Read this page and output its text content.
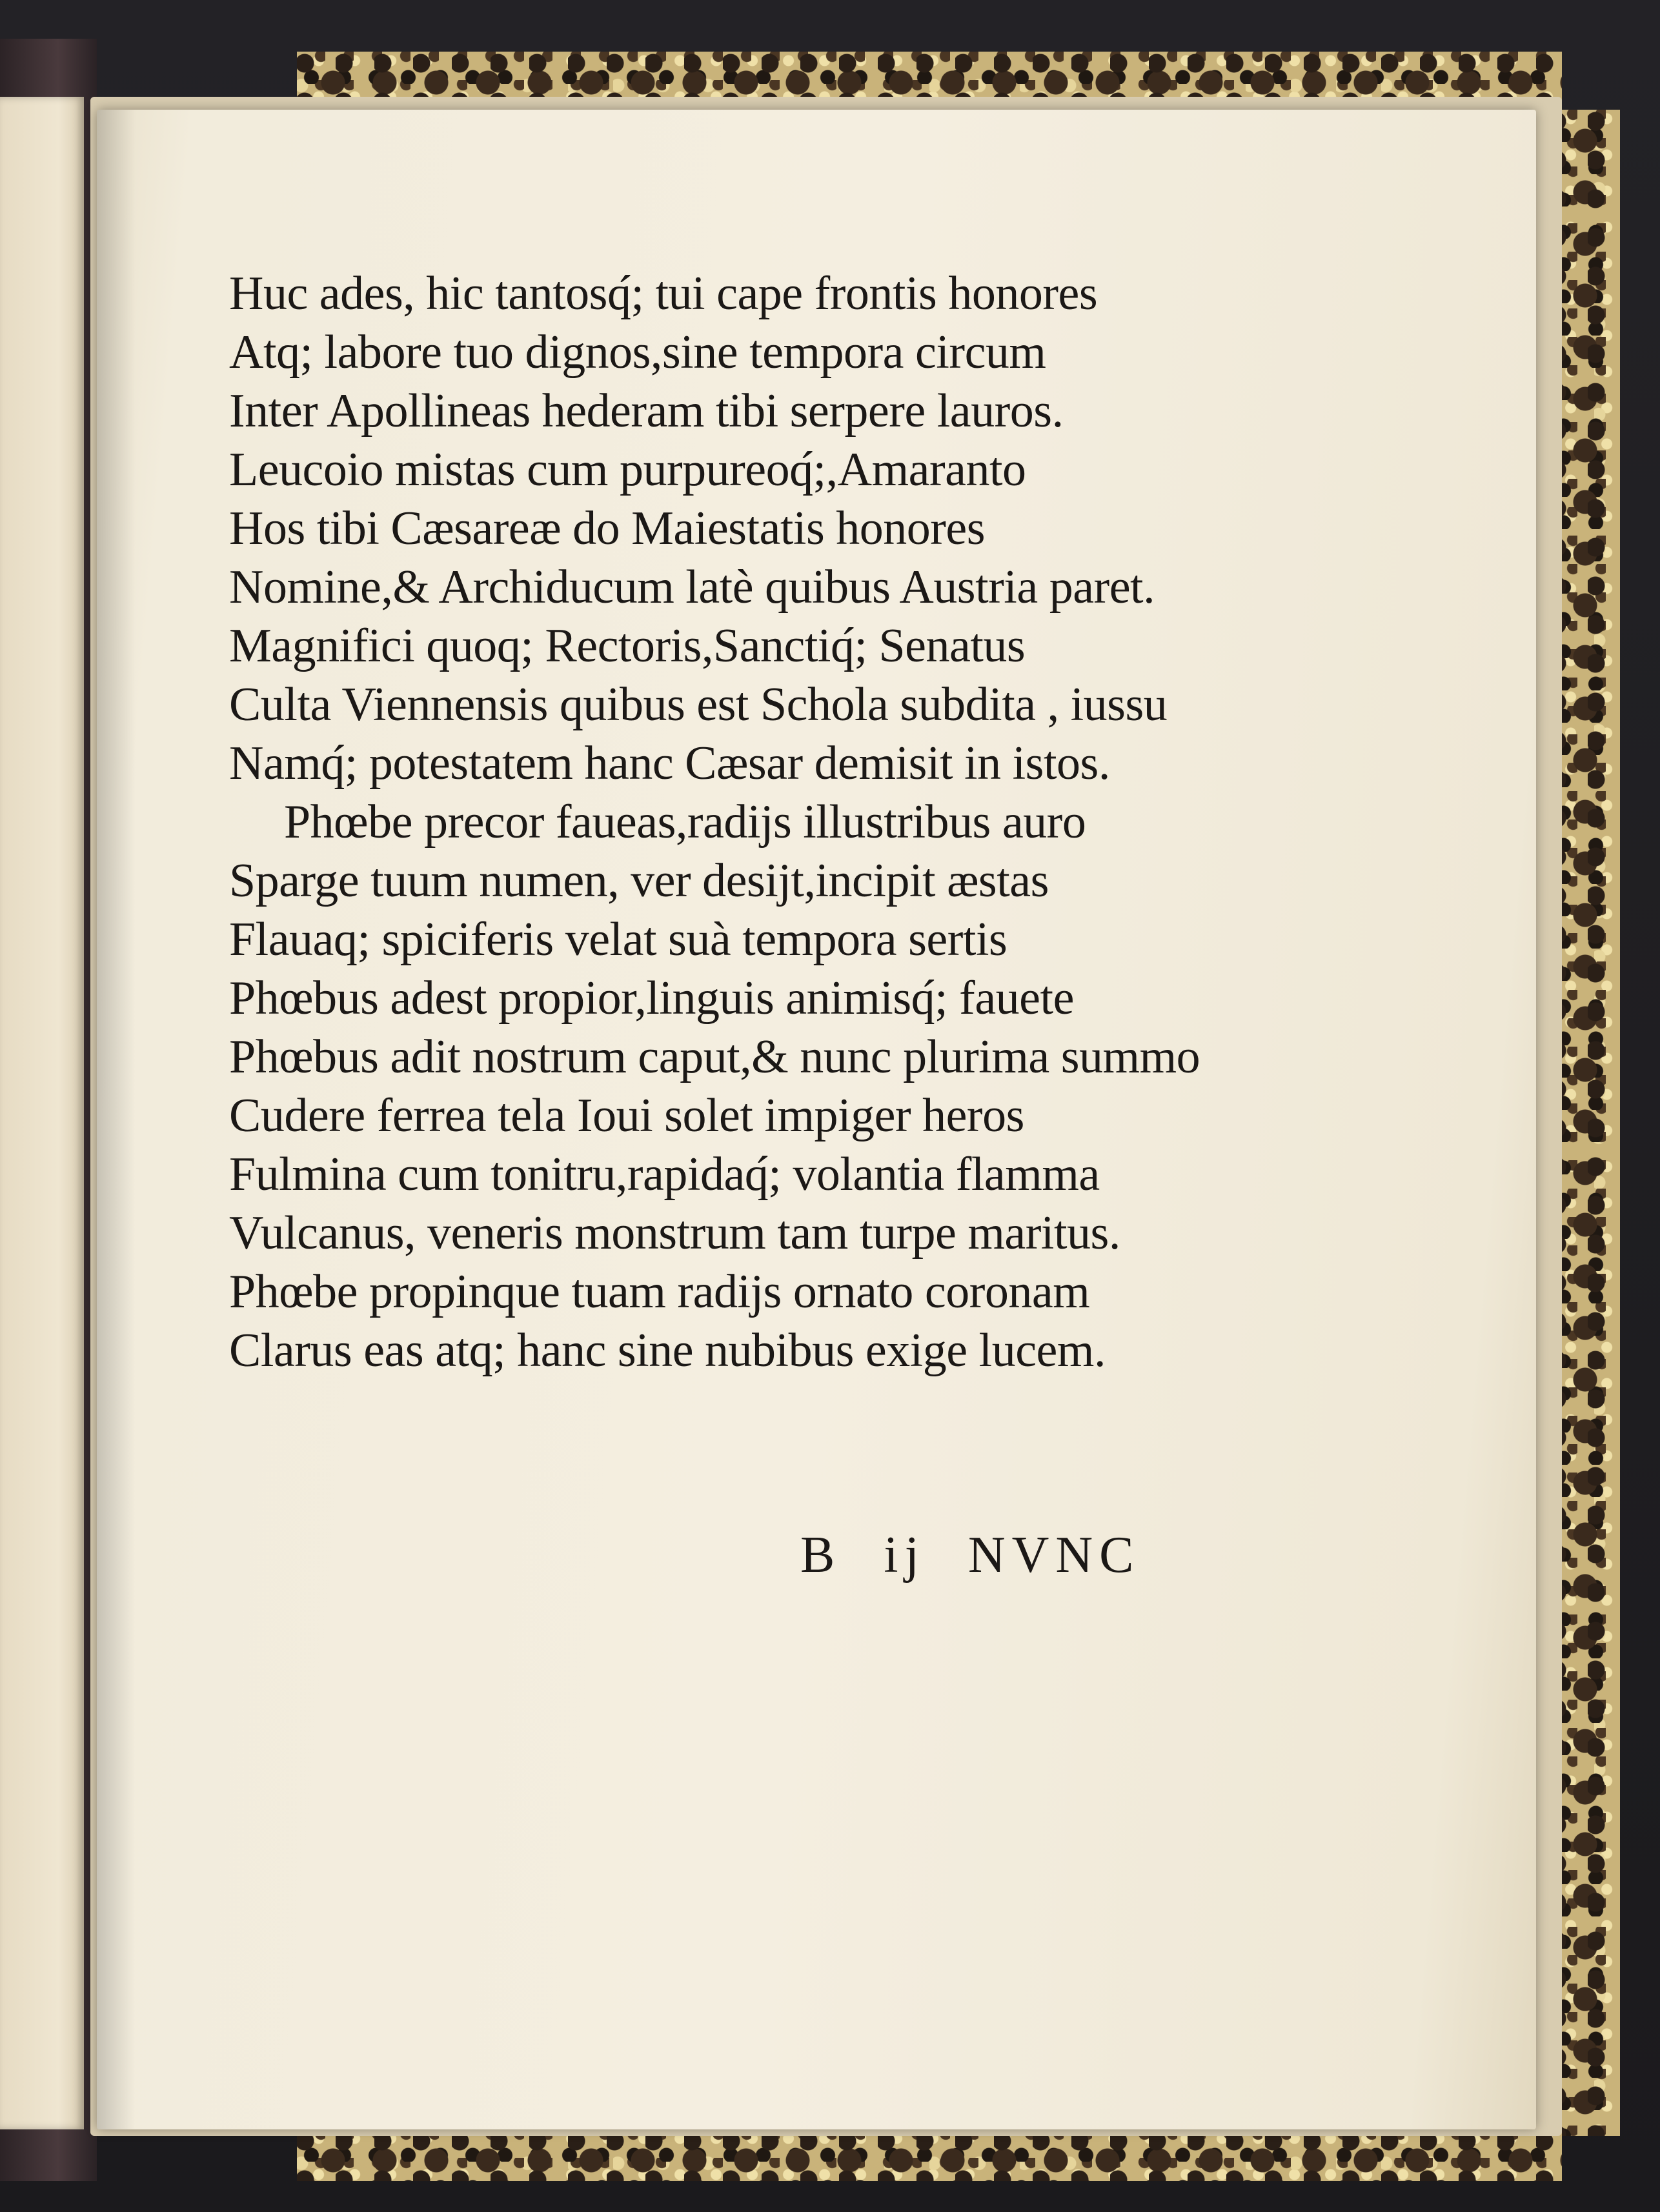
Huc ades, hic tantosq́; tui cape frontis honores
Atq; labore tuo dignos,sine tempora circum
Inter Apollineas hederam tibi serpere lauros.
Leucoio mistas cum purpureoq́;,Amaranto
Hos tibi Cæsareæ do Maiestatis honores
Nomine,& Archiducum latè quibus Austria paret.
Magnifici quoq; Rectoris,Sanctiq́; Senatus
Culta Viennensis quibus est Schola subdita , iussu
Namq́; potestatem hanc Cæsar demisit in istos.
Phœbe precor faueas,radijs illustribus auro
Sparge tuum numen, ver desijt,incipit æstas
Flauaq; spiciferis velat suà tempora sertis
Phœbus adest propior,linguis animisq́; fauete
Phœbus adit nostrum caput,& nunc plurima summo
Cudere ferrea tela Ioui solet impiger heros
Fulmina cum tonitru,rapidaq́; volantia flamma
Vulcanus, veneris monstrum tam turpe maritus.
Phœbe propinque tuam radijs ornato coronam
Clarus eas atq; hanc sine nubibus exige lucem.
B ij NVNC
